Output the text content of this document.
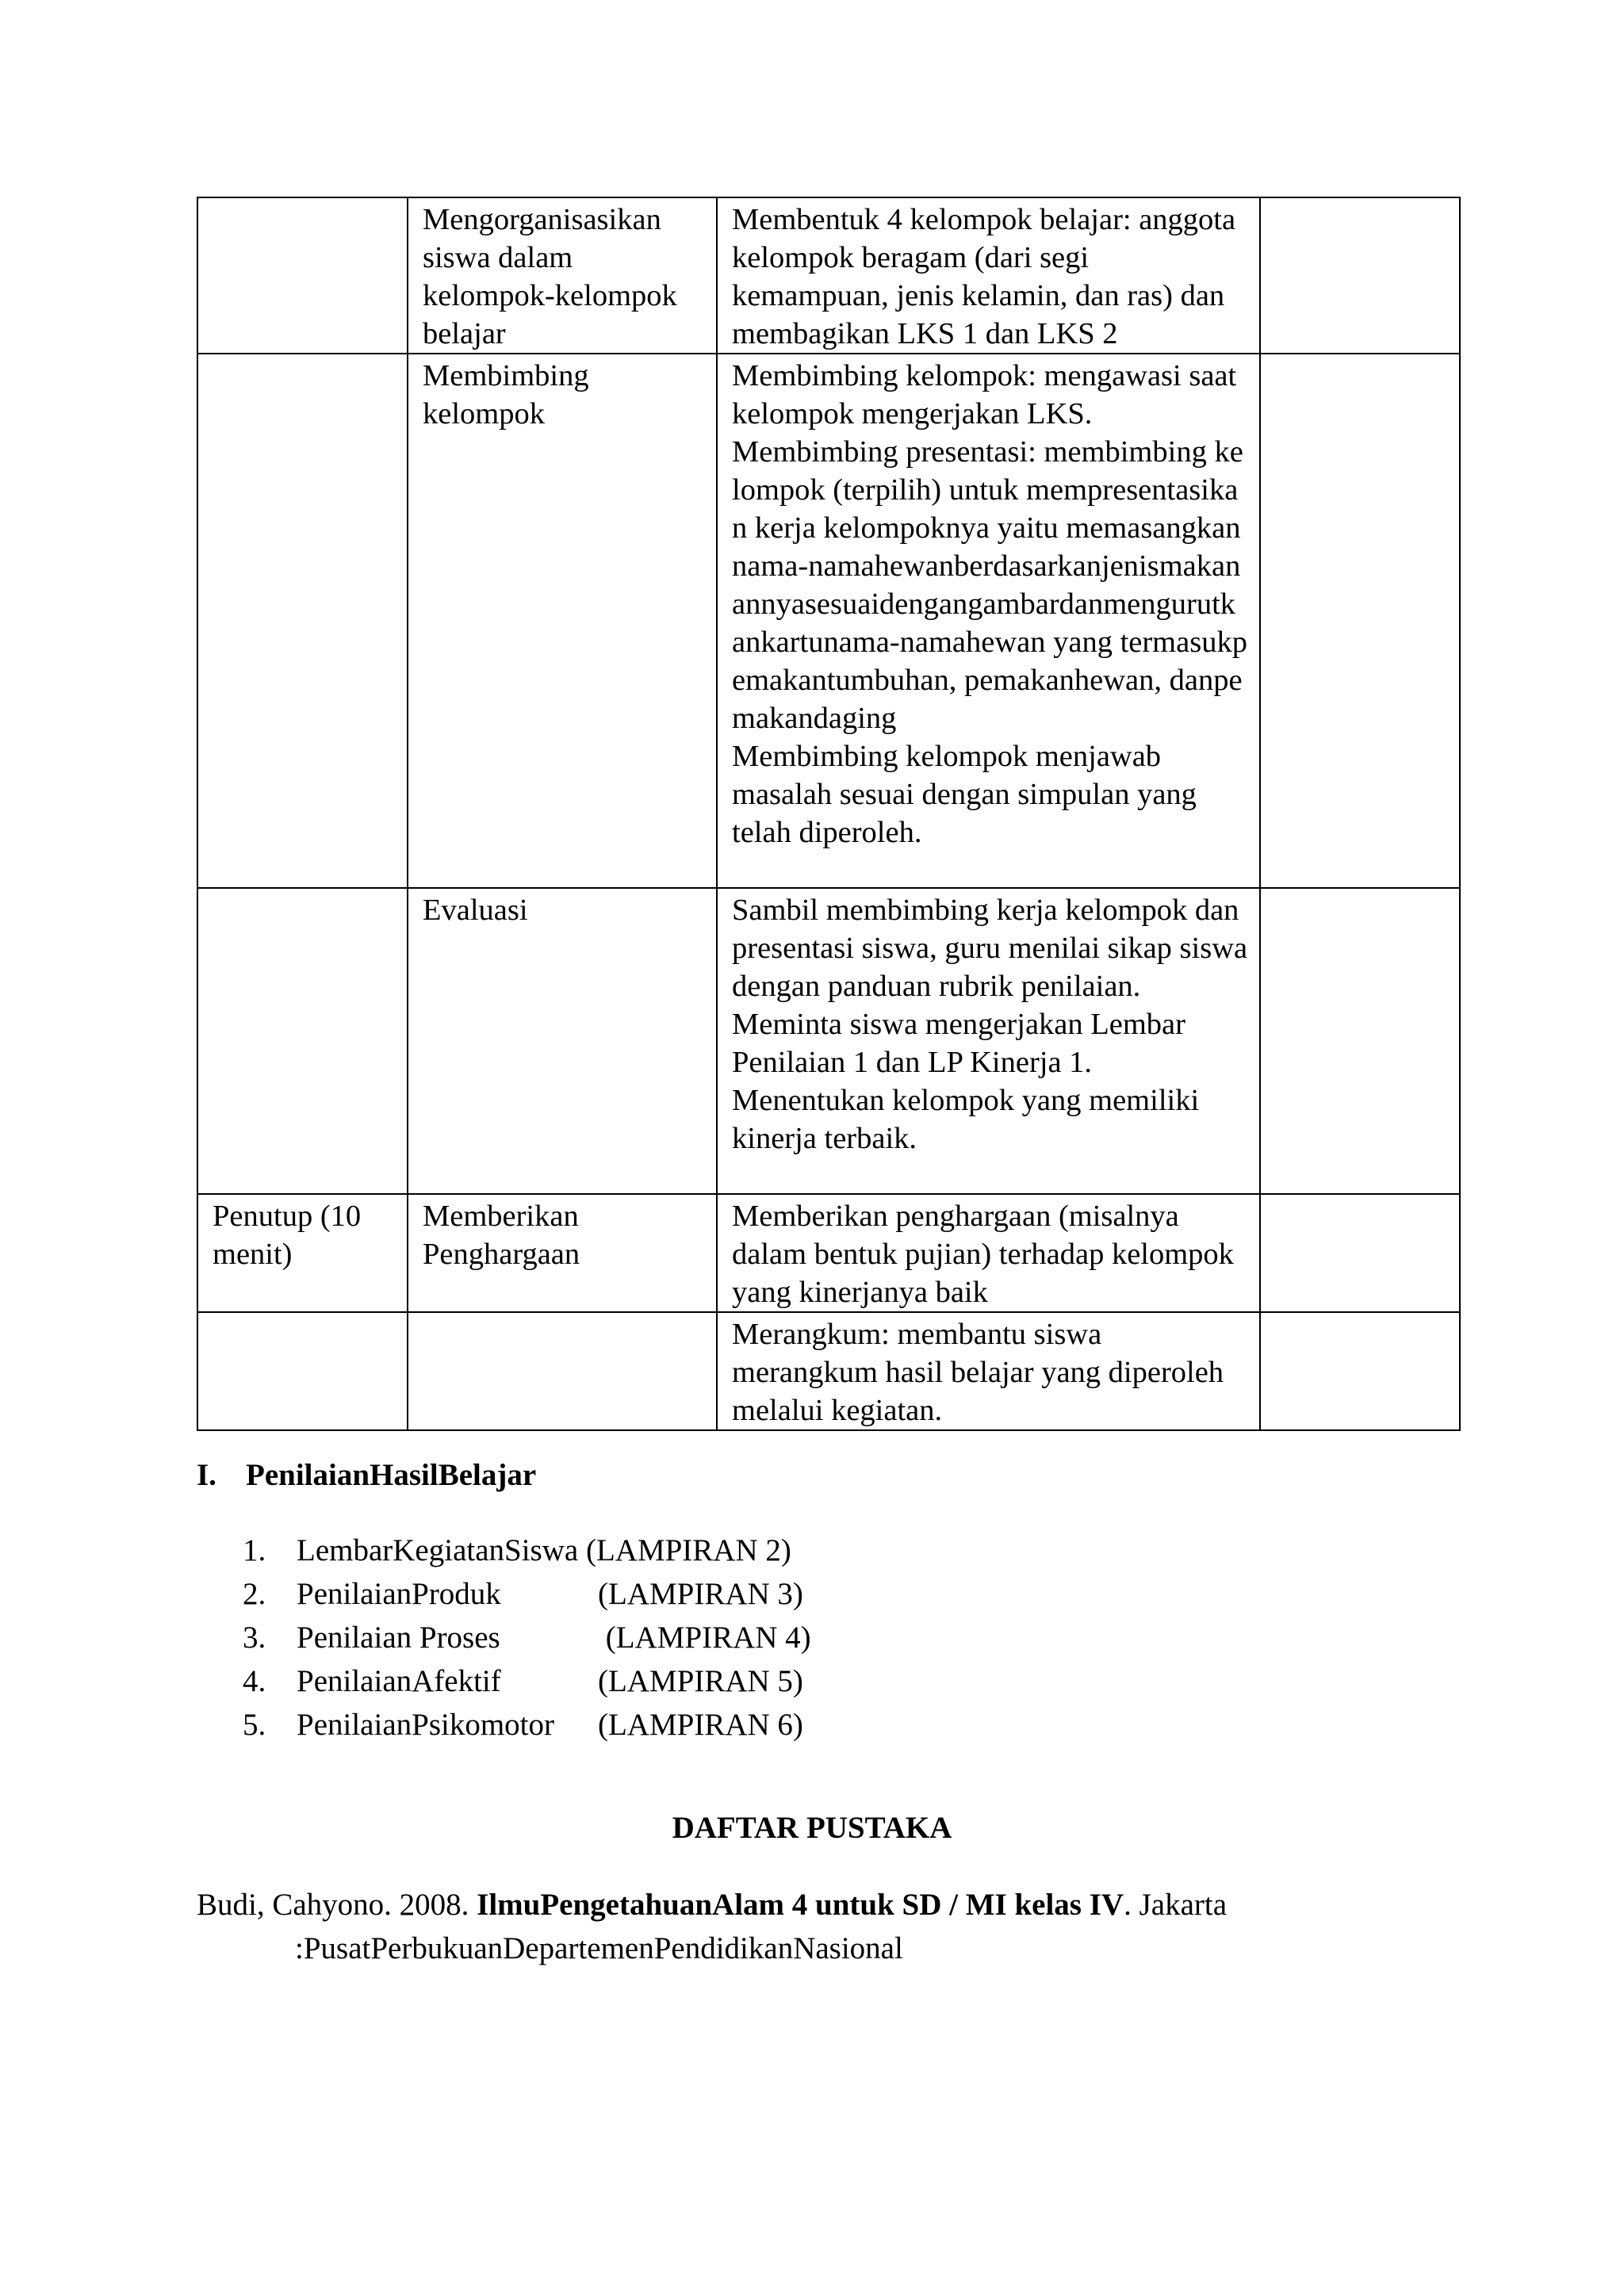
	Mengorganisasikan siswa dalam kelompok-kelompok belajar	Membentuk 4 kelompok belajar: anggota kelompok beragam (dari segi kemampuan, jenis kelamin, dan ras) dan membagikan LKS 1 dan LKS 2	
	Membimbing kelompok	Membimbing kelompok: mengawasi saat kelompok mengerjakan LKS.
Membimbing presentasi: membimbing kelompok (terpilih) untuk mempresentasikan kerja kelompoknya yaitu memasangkannama-namahewanberdasarkanjenismakanannyasesuaidengangambardanmengurutkankartunama-namahewan yang termasukpemakantumbuhan, pemakanhewan, danpemakandaging
Membimbing kelompok menjawab masalah sesuai dengan simpulan yang telah diperoleh.	

	Evaluasi	Sambil membimbing kerja kelompok dan presentasi siswa, guru menilai sikap siswa dengan panduan rubrik penilaian.
Meminta siswa mengerjakan Lembar Penilaian 1 dan LP Kinerja 1.
Menentukan kelompok yang memiliki kinerja terbaik.	

Penutup (10 menit)	Memberikan Penghargaan	Memberikan penghargaan (misalnya dalam bentuk pujian) terhadap kelompok yang kinerjanya baik	
		Merangkum: membantu siswa merangkum hasil belajar yang diperoleh melalui kegiatan.	
I. PenilaianHasilBelajar
1. LembarKegiatanSiswa (LAMPIRAN 2)
2. PenilaianProduk	(LAMPIRAN 3)
3. Penilaian Proses	(LAMPIRAN 4)
4. PenilaianAfektif	(LAMPIRAN 5)
5. PenilaianPsikomotor (LAMPIRAN 6)
DAFTAR PUSTAKA
Budi, Cahyono. 2008. IlmuPengetahuanAlam 4 untuk SD / MI kelas IV. Jakarta
:PusatPerbukuanDepartemenPendidikanNasional
